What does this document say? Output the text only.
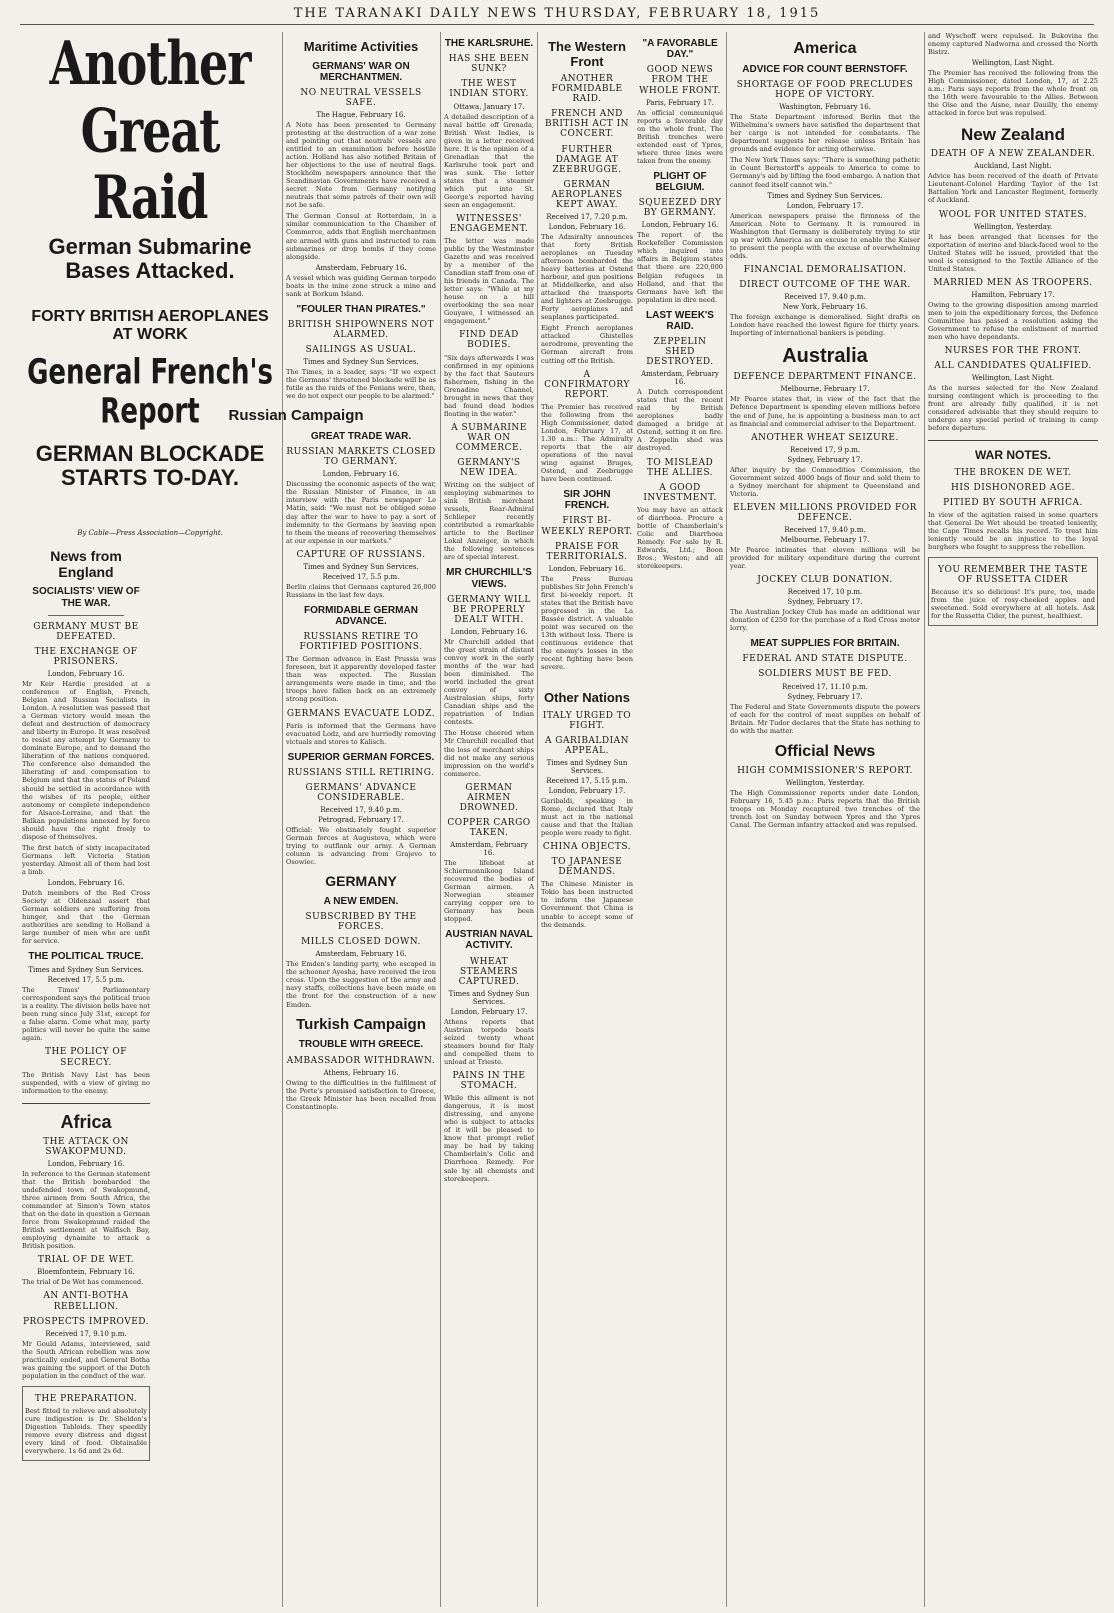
THE TARANAKI DAILY NEWS THURSDAY, FEBRUARY 18, 1915
Another Great Raid
German Submarine Bases Attacked.
FORTY BRITISH AEROPLANES AT WORK
General French's Report
GERMAN BLOCKADE STARTS TO-DAY.
By Cable—Press Association—Copyright.
News from England
SOCIALISTS' VIEW OF THE WAR.
GERMANY MUST BE DEFEATED.
THE EXCHANGE OF PRISONERS.
London, February 16.

Mr Keir Hardie presided at a conference of English, French, Belgian and Russian Socialists in London. A resolution was passed that a German victory would mean the defeat and destruction of democracy and liberty in Europe. It was resolved to resist any attempt by Germany to dominate Europe, and to demand the liberation of the nations conquered. The conference also demanded the liberating of and compensation to Belgium and that the status of Poland should be settled in accordance with the wishes of its people, either autonomy or complete independence for Alsace-Lorraine, and that the Balkan populations annexed by force should have the right freely to dispose of themselves.

The first batch of sixty incapacitated Germans left Victoria Station yesterday. Almost all of them had lost a limb.

London, February 16.

Dutch members of the Red Cross Society at Oldenzaal assert that German soldiers are suffering from hunger, and that the German authorities are sending to Holland a large number of men who are unfit for service.

THE POLITICAL TRUCE.
Times and Sydney Sun Services.
Received 17, 5.5 p.m.

The Times' Parliamentary correspondent says the political truce is a reality. The division bells have not been rung since July 31st, except for a false alarm. Come what may, party politics will never be quite the same again.

THE POLICY OF SECRECY.

The British Navy List has been suspended, with a view of giving no information to the enemy.

Africa
THE ATTACK ON SWAKOPMUND.
London, February 16.

In reference to the German statement that the British bombarded the undefended town of Swakopmund, three airmen from South Africa, the commander at Simon's Town states that on the date in question a German force from Swakopmund raided the British settlement at Walfisch Bay, employing dynamite to attack a British position.

TRIAL OF DE WET.
Bloemfontein, February 16.

The trial of De Wet has commenced.

AN ANTI-BOTHA REBELLION.
PROSPECTS IMPROVED.
Received 17, 9.10 p.m.

Mr Gould Adams, interviewed, said the South African rebellion was now practically ended, and General Botha was gaining the support of the Dutch population in the conduct of the war.

THE PREPARATION.

Best fitted to relieve and absolutely cure indigestion is Dr. Sheldon's Digestion Tabloids. They speedily remove every distress and digest every kind of food. Obtainable everywhere. 1s 6d and 2s 6d.

Maritime Activities
GERMANS' WAR ON MERCHANTMEN.
NO NEUTRAL VESSELS SAFE.
The Hague, February 16.

A Note has been presented to Germany protesting at the destruction of a war zone and pointing out that neutrals' vessels are entitled to an examination before hostile action. Holland has also notified Britain of her objections to the use of neutral flags. Stockholm newspapers announce that the Scandinavian Governments have received a secret Note from Germany notifying neutrals that some patrols of their own will not be safe.

The German Consul at Rotterdam, in a similar communication to the Chamber of Commerce, adds that English merchantmen are armed with guns and instructed to ram submarines or drop bombs if they come alongside.

Amsterdam, February 16.

A vessel which was guiding German torpedo boats in the mine zone struck a mine and sank at Borkum Island.

"FOULER THAN PIRATES."
BRITISH SHIPOWNERS NOT ALARMED.
SAILINGS AS USUAL.
Times and Sydney Sun Services.

The Times, in a leader, says: "If we expect the Germans' threatened blockade will be as futile as the raids of the Fenians were, then, we do not expect our people to be alarmed."

Russian Campaign
GREAT TRADE WAR.
RUSSIAN MARKETS CLOSED TO GERMANY.
London, February 16.

Discussing the economic aspects of the war, the Russian Minister of Finance, in an interview with the Paris newspaper Le Matin, said: "We must not be obliged some day after the war to have to pay a sort of indemnity to the Germans by leaving open to them the means of recovering themselves at our expense in our markets."

CAPTURE OF RUSSIANS.
Times and Sydney Sun Services.
Received 17, 5.5 p.m.

Berlin claims that Germans captured 26,000 Russians in the last few days.

FORMIDABLE GERMAN ADVANCE.
RUSSIANS RETIRE TO FORTIFIED POSITIONS.

The German advance in East Prussia was foreseen, but it apparently developed faster than was expected. The Russian arrangements were made in time, and the troops have fallen back on an extremely strong position.

GERMANS EVACUATE LODZ.

Paris is informed that the Germans have evacuated Lodz, and are hurriedly removing victuals and stores to Kalisch.

SUPERIOR GERMAN FORCES.
RUSSIANS STILL RETIRING.
GERMANS' ADVANCE CONSIDERABLE.
Received 17, 9.40 p.m.
Petrograd, February 17.

Official: We obstinately fought superior German forces at Augustova, which were trying to outflank our army. A German column is advancing from Grajevo to Osowiec.

GERMANY
A NEW EMDEN.
SUBSCRIBED BY THE FORCES.
MILLS CLOSED DOWN.
Amsterdam, February 16.

The Emden's landing party, who escaped in the schooner Ayesha, have received the iron cross. Upon the suggestion of the army and navy staffs, collections have been made on the front for the construction of a new Emden.

Turkish Campaign
TROUBLE WITH GREECE.
AMBASSADOR WITHDRAWN.
Athens, February 16.

Owing to the difficulties in the fulfilment of the Porte's promised satisfaction to Greece, the Greek Minister has been recalled from Constantinople.

THE KARLSRUHE.
HAS SHE BEEN SUNK?
THE WEST INDIAN STORY.
Ottawa, January 17.

A detailed description of a naval battle off Grenada, British West Indies, is given in a letter received here. It is the opinion of a Grenadian that the Karlsruhe took part and was sunk. The letter states that a steamer which put into St. George's reported having seen an engagement.

WITNESSES' ENGAGEMENT.

The letter was made public by the Westminster Gazette and was received by a member of the Canadian staff from one of his friends in Canada. The letter says: "While at my house on a hill overlooking the sea near Gouyave, I witnessed an engagement."

FIND DEAD BODIES.

"Six days afterwards I was confirmed in my opinions by the fact that Sauteurs fishermen, fishing in the Grenadine Channel, brought in news that they had found dead bodies floating in the water."

A SUBMARINE WAR ON COMMERCE.
GERMANY'S NEW IDEA.

Writing on the subject of employing submarines to sink British merchant vessels, Rear-Admiral Schlieper recently contributed a remarkable article to the Berliner Lokal Anzeiger, in which the following sentences are of special interest.

MR CHURCHILL'S VIEWS.
GERMANY WILL BE PROPERLY DEALT WITH.
London, February 16.

Mr Churchill added that the great strain of distant convoy work in the early months of the war had been diminished. The world included the great convoy of sixty Australasian ships, forty Canadian ships and the repatriation of Indian contests.

The House cheered when Mr Churchill recalled that the loss of merchant ships did not make any serious impression on the world's commerce.

GERMAN AIRMEN DROWNED.
COPPER CARGO TAKEN.
Amsterdam, February 16.

The lifeboat at Schiermonnikoog Island recovered the bodies of German airmen. A Norwegian steamer carrying copper ore to Germany has been stopped.

AUSTRIAN NAVAL ACTIVITY.
WHEAT STEAMERS CAPTURED.
Times and Sydney Sun Services.
London, February 17.

Athens reports that Austrian torpedo boats seized twenty wheat steamers bound for Italy and compelled them to unload at Trieste.

PAINS IN THE STOMACH.

While this ailment is not dangerous, it is most distressing, and anyone who is subject to attacks of it will be pleased to know that prompt relief may be had by taking Chamberlain's Colic and Diarrhoea Remedy. For sale by all chemists and storekeepers.

The Western Front
ANOTHER FORMIDABLE RAID.
FRENCH AND BRITISH ACT IN CONCERT.
FURTHER DAMAGE AT ZEEBRUGGE.
GERMAN AEROPLANES KEPT AWAY.
Received 17, 7.20 p.m.
London, February 16.

The Admiralty announces that forty British aeroplanes on Tuesday afternoon bombarded the heavy batteries at Ostend harbour, and gun positions at Middelkerke, and also attacked the transports and lighters at Zeebrugge. Forty aeroplanes and seaplanes participated.

Eight French aeroplanes attacked Ghistelles aerodrome, preventing the German aircraft from cutting off the British.

A CONFIRMATORY REPORT.

The Premier has received the following from the High Commissioner, dated London, February 17, at 1.30 a.m.: The Admiralty reports that the air operations of the naval wing against Bruges, Ostend, and Zeebrugge have been continued.

SIR JOHN FRENCH.
FIRST BI-WEEKLY REPORT.
PRAISE FOR TERRITORIALS.
London, February 16.

The Press Bureau publishes Sir John French's first bi-weekly report. It states that the British have progressed in the La Bassée district. A valuable point was secured on the 13th without loss. There is continuous evidence that the enemy's losses in the recent fighting have been severe.

Other Nations
ITALY URGED TO FIGHT.
A GARIBALDIAN APPEAL.
Times and Sydney Sun Services.
Received 17, 5.15 p.m.
London, February 17.

Garibaldi, speaking in Rome, declared that Italy must act in the national cause and that the Italian people were ready to fight.

CHINA OBJECTS.
TO JAPANESE DEMANDS.

The Chinese Minister in Tokio has been instructed to inform the Japanese Government that China is unable to accept some of the demands.

"A FAVORABLE DAY."
GOOD NEWS FROM THE WHOLE FRONT.
Paris, February 17.

An official communiqué reports a favorable day on the whole front. The British trenches were extended east of Ypres, where three lines were taken from the enemy.

PLIGHT OF BELGIUM.
SQUEEZED DRY BY GERMANY.
London, February 16.

The report of the Rockefeller Commission which inquired into affairs in Belgium states that there are 220,000 Belgian refugees in Holland, and that the Germans have left the population in dire need.

LAST WEEK'S RAID.
ZEPPELIN SHED DESTROYED.
Amsterdam, February 16.

A Dutch correspondent states that the recent raid by British aeroplanes badly damaged a bridge at Ostend, setting it on fire. A Zeppelin shed was destroyed.

TO MISLEAD THE ALLIES.
A GOOD INVESTMENT.

You may have an attack of diarrhoea. Procure a bottle of Chamberlain's Colic and Diarrhoea Remedy. For sale by R. Edwards, Ltd.; Boon Bros.; Weston; and all storekeepers.

America
ADVICE FOR COUNT BERNSTOFF.
SHORTAGE OF FOOD PRECLUDES HOPE OF VICTORY.
Washington, February 16.

The State Department informed Berlin that the Wilhelmina's owners have satisfied the department that her cargo is not intended for combatants. The department suggests her release unless Britain has grounds and evidence for acting otherwise.

The New York Times says: "There is something pathetic in Count Bernstorff's appeals to America to come to Germany's aid by lifting the food embargo. A nation that cannot feed itself cannot win."

Times and Sydney Sun Services.
London, February 17.

American newspapers praise the firmness of the American Note to Germany. It is rumoured in Washington that Germany is deliberately trying to stir up war with America as an excuse to enable the Kaiser to present the people with the excuse of overwhelming odds.

FINANCIAL DEMORALISATION.
DIRECT OUTCOME OF THE WAR.
Received 17, 9.40 p.m.
New York, February 16.

The foreign exchange is demoralised. Sight drafts on London have reached the lowest figure for thirty years. Importing of international bankers is pending.

Australia
DEFENCE DEPARTMENT FINANCE.
Melbourne, February 17.

Mr Pearce states that, in view of the fact that the Defence Department is spending eleven millions before the end of June, he is appointing a business man to act as financial and commercial adviser to the Department.

ANOTHER WHEAT SEIZURE.
Received 17, 9 p.m.
Sydney, February 17.

After inquiry by the Commodities Commission, the Government seized 4000 bags of flour and sold them to a Sydney merchant for shipment to Queensland and Victoria.

ELEVEN MILLIONS PROVIDED FOR DEFENCE.
Received 17, 9.40 p.m.
Melbourne, February 17.

Mr Pearce intimates that eleven millions will be provided for military expenditure during the current year.

JOCKEY CLUB DONATION.
Received 17, 10 p.m.
Sydney, February 17.

The Australian Jockey Club has made an additional war donation of £250 for the purchase of a Red Cross motor lorry.

MEAT SUPPLIES FOR BRITAIN.
FEDERAL AND STATE DISPUTE.
SOLDIERS MUST BE FED.
Received 17, 11.10 p.m.
Sydney, February 17.

The Federal and State Governments dispute the powers of each for the control of meat supplies on behalf of Britain. Mr Tudor declares that the State has nothing to do with the matter.

Official News
HIGH COMMISSIONER'S REPORT.
Wellington, Yesterday.

The High Commissioner reports under date London, February 16, 5.45 p.m.: Paris reports that the British troops on Monday recaptured two trenches of the trench lost on Sunday between Ypres and the Ypres Canal. The German infantry attacked and was repulsed.

and Wyschoff were repulsed. In Bukovina the enemy captured Nadworna and crossed the North Bistrz.

Wellington, Last Night.

The Premier has received the following from the High Commissioner, dated London, 17, at 2.25 a.m.: Paris says reports from the whole front on the 16th were favourable to the Allies. Between the Oise and the Aisne, near Dauilly, the enemy attacked in force but was repulsed.

New Zealand
DEATH OF A NEW ZEALANDER.
Auckland, Last Night.

Advice has been received of the death of Private Lieutenant-Colonel Harding Taylor of the 1st Battalion York and Lancaster Regiment, formerly of Auckland.

WOOL FOR UNITED STATES.
Wellington, Yesterday.

It has been arranged that licenses for the exportation of merino and black-faced wool to the United States will be issued, provided that the wool is consigned to the Textile Alliance of the United States.

MARRIED MEN AS TROOPERS.
Hamilton, February 17.

Owing to the growing disposition among married men to join the expeditionary forces, the Defence Committee has passed a resolution asking the Government to refuse the enlistment of married men who have dependants.

NURSES FOR THE FRONT.
ALL CANDIDATES QUALIFIED.
Wellington, Last Night.

As the nurses selected for the New Zealand nursing contingent which is proceeding to the front are already fully qualified, it is not considered advisable that they should require to undergo any special period of training in camp before departure.

WAR NOTES.
THE BROKEN DE WET.
HIS DISHONORED AGE.
PITIED BY SOUTH AFRICA.

In view of the agitation raised in some quarters that General De Wet should be treated leniently, the Cape Times recalls his record. To treat him leniently would be an injustice to the loyal burghers who fought to suppress the rebellion.

YOU REMEMBER THE TASTE OF RUSSETTA CIDER

Because it's so delicious! It's pure, too, made from the juice of rosy-cheeked apples and sweetened. Sold everywhere at all hotels. Ask for the Russetta Cider, the purest, healthiest.
